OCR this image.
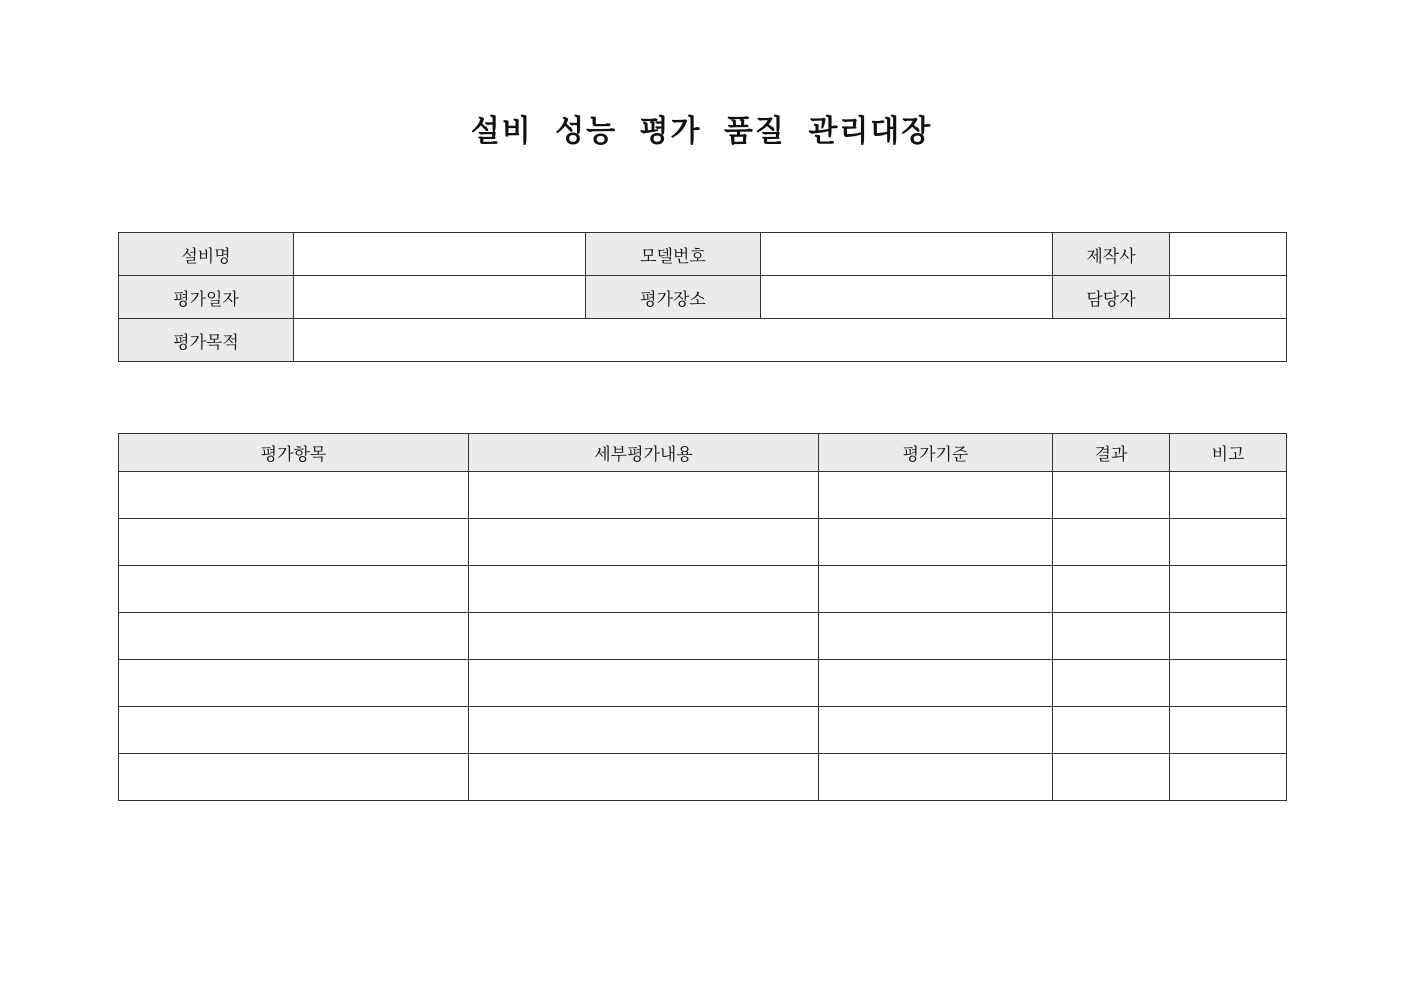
설비 성능 평가 품질 관리대장
설비명		모델번호		제작사	
평가일자		평가장소		담당자	
평가목적					
평가항목	세부평가내용	평가기준	결과	비고
